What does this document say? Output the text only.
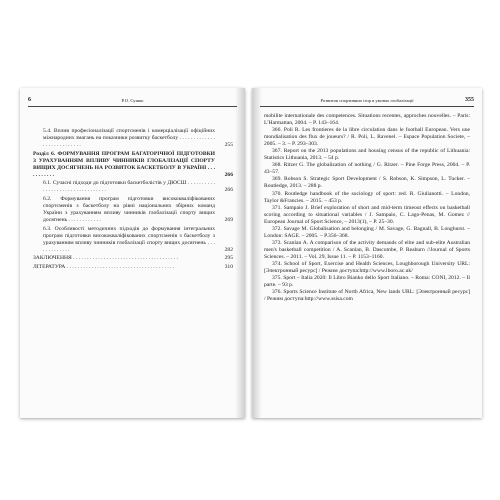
6	Р.О. Сушко
5.4. Вплив професіоналізації спортсменів і комерціалізації офіційних міжнародних змагань на показники розвитку баскетболу . . . . . . . . . . . . . . . . . . . . . . . . . . .	255
Розділ 6. ФОРМУВАННЯ ПРОГРАМ БАГАТОРІЧНОЇ ПІДГОТОВКИ З УРАХУВАННЯМ ВПЛИВУ ЧИННИКІВ ГЛОБАЛІЗАЦІЇ СПОРТУ ВИЩИХ ДОСЯГНЕНЬ НА РОЗВИТОК БАСКЕТБОЛУ В УКРАЇНІ . . . . . . . . . . .	266
6.1. Сучасні підходи до підготовки баскетболістів у ДЮСШ . . . . . . . . . . . . . . . . . . . . . . . . . . . . . . . . .	266
6.2. Формування програм підготовки висококваліфікованих спортсменів з баскетболу на рівні національних збірних команд України з урахуванням впливу чинників глобалізації спорту вищих досягнень . . . . . . . . . . . .	269
6.3. Особливості методичних підходів до формування інтегральних програм підготовки висококваліфікованих спортсменів з баскетболу з урахуванням впливу чинників глобалізації спорту вищих досягнень . . . . . . . . . . . . .	282
ЗАКЛЮЧЕННЯ . . . . . . . . . . . . . . . . . . . . . . . . . . . . . . . . . . . . . .	295
ЛІТЕРАТУРА . . . . . . . . . . . . . . . . . . . . . . . . . . . . . . . . . . . . . . .	310
Розвиток спортивних ігор в умовах глобалізації	355

mobilite internationale des competences. Situations recentes, approches nouvelles. – Paris: L'Harmattan, 2004. – P. 143–164.

366. Poli R. Les frontieres de la libre circulation dans le football European. Vers une mondialisation des flux de joueurs? / R. Poli, L. Ravenel. – Espace Population Societe, – 2005. – 3. – P. 293–303.

367. Report on the 2013 populations and housing census of the republic of Lithuania: Statistics Lithuania, 2013. – 54 p.

368. Ritzer G. The globalization of nothing / G. Ritzer. – Pine Forge Press, 2004. – P. 43–57.

369. Robson S. Strategic Sport Development / S. Robson, K. Simpson, L. Tucker. – Routledge, 2013. – 288 p.

370. Routledge handbook of the sociology of sport: red. R. Giulianotti. – London, Taylor &Francies. – 2015. – 453 p.

371. Sampaio J. Brief exploration of short and mid-term timeout effects on basketball scoring according to situational variables / J. Sampaio, C. Lago-Penas, M. Gomez // European Journal of Sport Science, – 2013(1), – P. 25–30.

372. Savage M. Globalisation and belonging / M. Savage, G. Bagnall, B. Longhurst. – London: SAGE. – 2005. – P.356–368.

373. Scanlan A. A comparison of the activity demands of elite and sub-elite Australian men's basketball competition / A. Scanlan, B. Dascombe, P. Reaburn //Journal of Sports Sciences. – 2011. – Vol. 29, Issue 11. – P. 1153–1160.

374. School of Sport, Exercise and Health Sciences, Loughborough University URL: [Электронный ресурс] / Режим доступа:http://www.lboro.ac.uk/

375. Sport – Italia 2020: Il Libro Bianko dello Sport Italiano. – Roma: CONI, 2012. – Il parte. – 93 p.

376. Sports Science Institute of North Africa, New lands URL: [Электронный ресурс] / Режим доступа:http://www.ssisa.com
